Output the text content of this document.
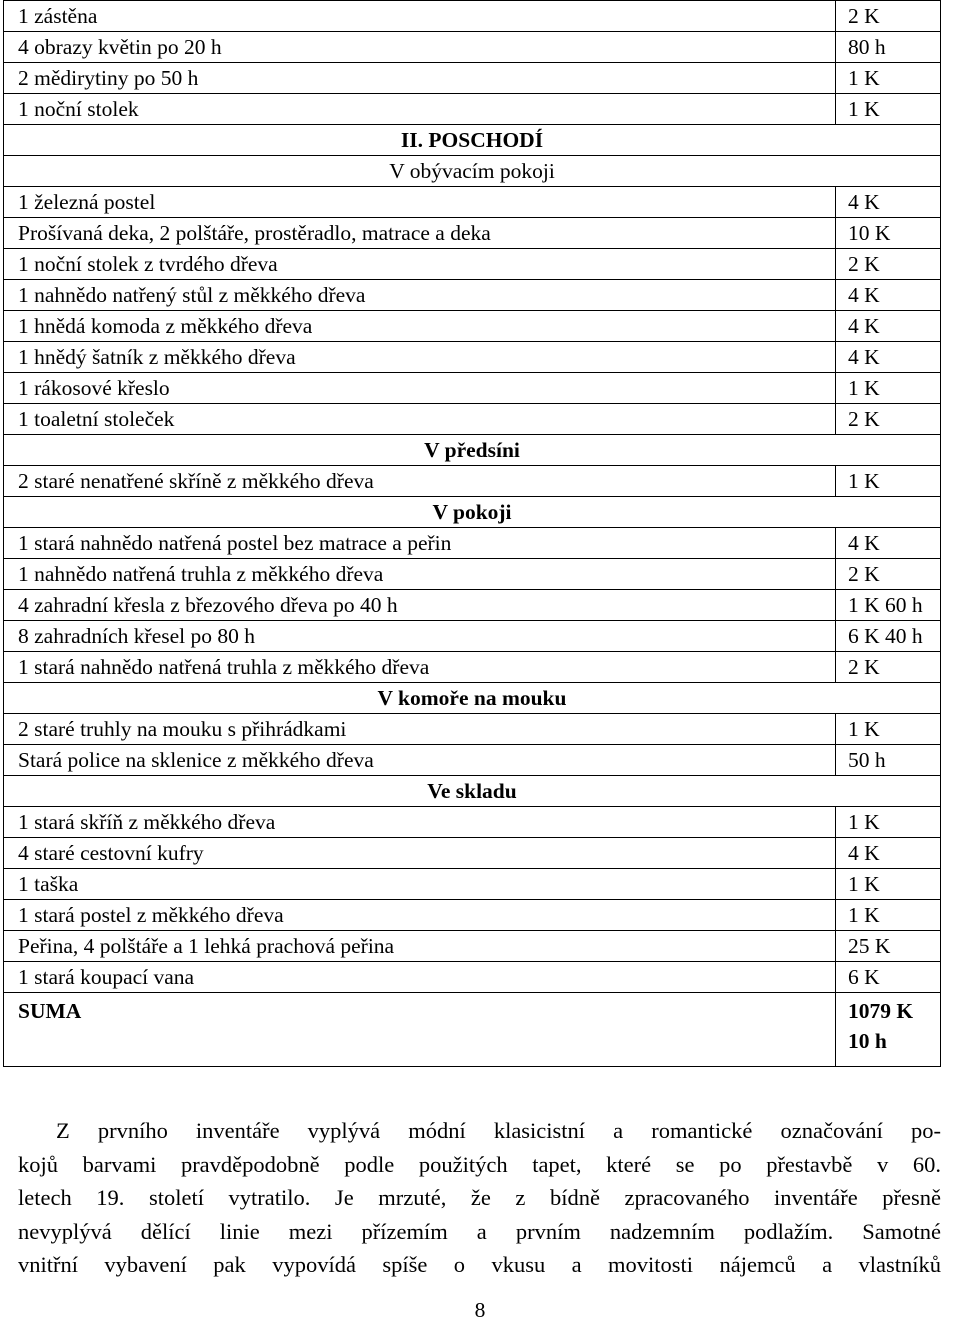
1 zástěna	2 K
4 obrazy květin po 20 h	80 h
2 mědirytiny po 50 h	1 K
1 noční stolek	1 K
II. POSCHODÍ	
V obývacím pokoji	
1 železná postel	4 K
Prošívaná deka, 2 polštáře, prostěradlo, matrace a deka	10 K
1 noční stolek z tvrdého dřeva	2 K
1 nahnědo natřený stůl z měkkého dřeva	4 K
1 hnědá komoda z měkkého dřeva	4 K
1 hnědý šatník z měkkého dřeva	4 K
1 rákosové křeslo	1 K
1 toaletní stoleček	2 K
V předsíni	
2 staré nenatřené skříně z měkkého dřeva	1 K
V pokoji	
1 stará nahnědo natřená postel bez matrace a peřin	4 K
1 nahnědo natřená truhla z měkkého dřeva	2 K
4 zahradní křesla z březového dřeva po 40 h	1 K 60 h
8 zahradních křesel po 80 h	6 K 40 h
1 stará nahnědo natřená truhla z měkkého dřeva	2 K
V komoře na mouku	
2 staré truhly na mouku s přihrádkami	1 K
Stará police na sklenice z měkkého dřeva	50 h
Ve skladu	
1 stará skříň z měkkého dřeva	1 K
4 staré cestovní kufry	4 K
1 taška	1 K
1 stará postel z měkkého dřeva	1 K
Peřina, 4 polštáře a 1 lehká prachová peřina	25 K
1 stará koupací vana	6 K
SUMA	1079 K
10 h
Z prvního inventáře vyplývá módní klasicistní a romantické označování po-
kojů barvami pravděpodobně podle použitých tapet, které se po přestavbě v 60.
letech 19. století vytratilo. Je mrzuté, že z bídně zpracovaného inventáře přesně
nevyplývá dělící linie mezi přízemím a prvním nadzemním podlažím. Samotné
vnitřní vybavení pak vypovídá spíše o vkusu a movitosti nájemců a vlastníků
8
